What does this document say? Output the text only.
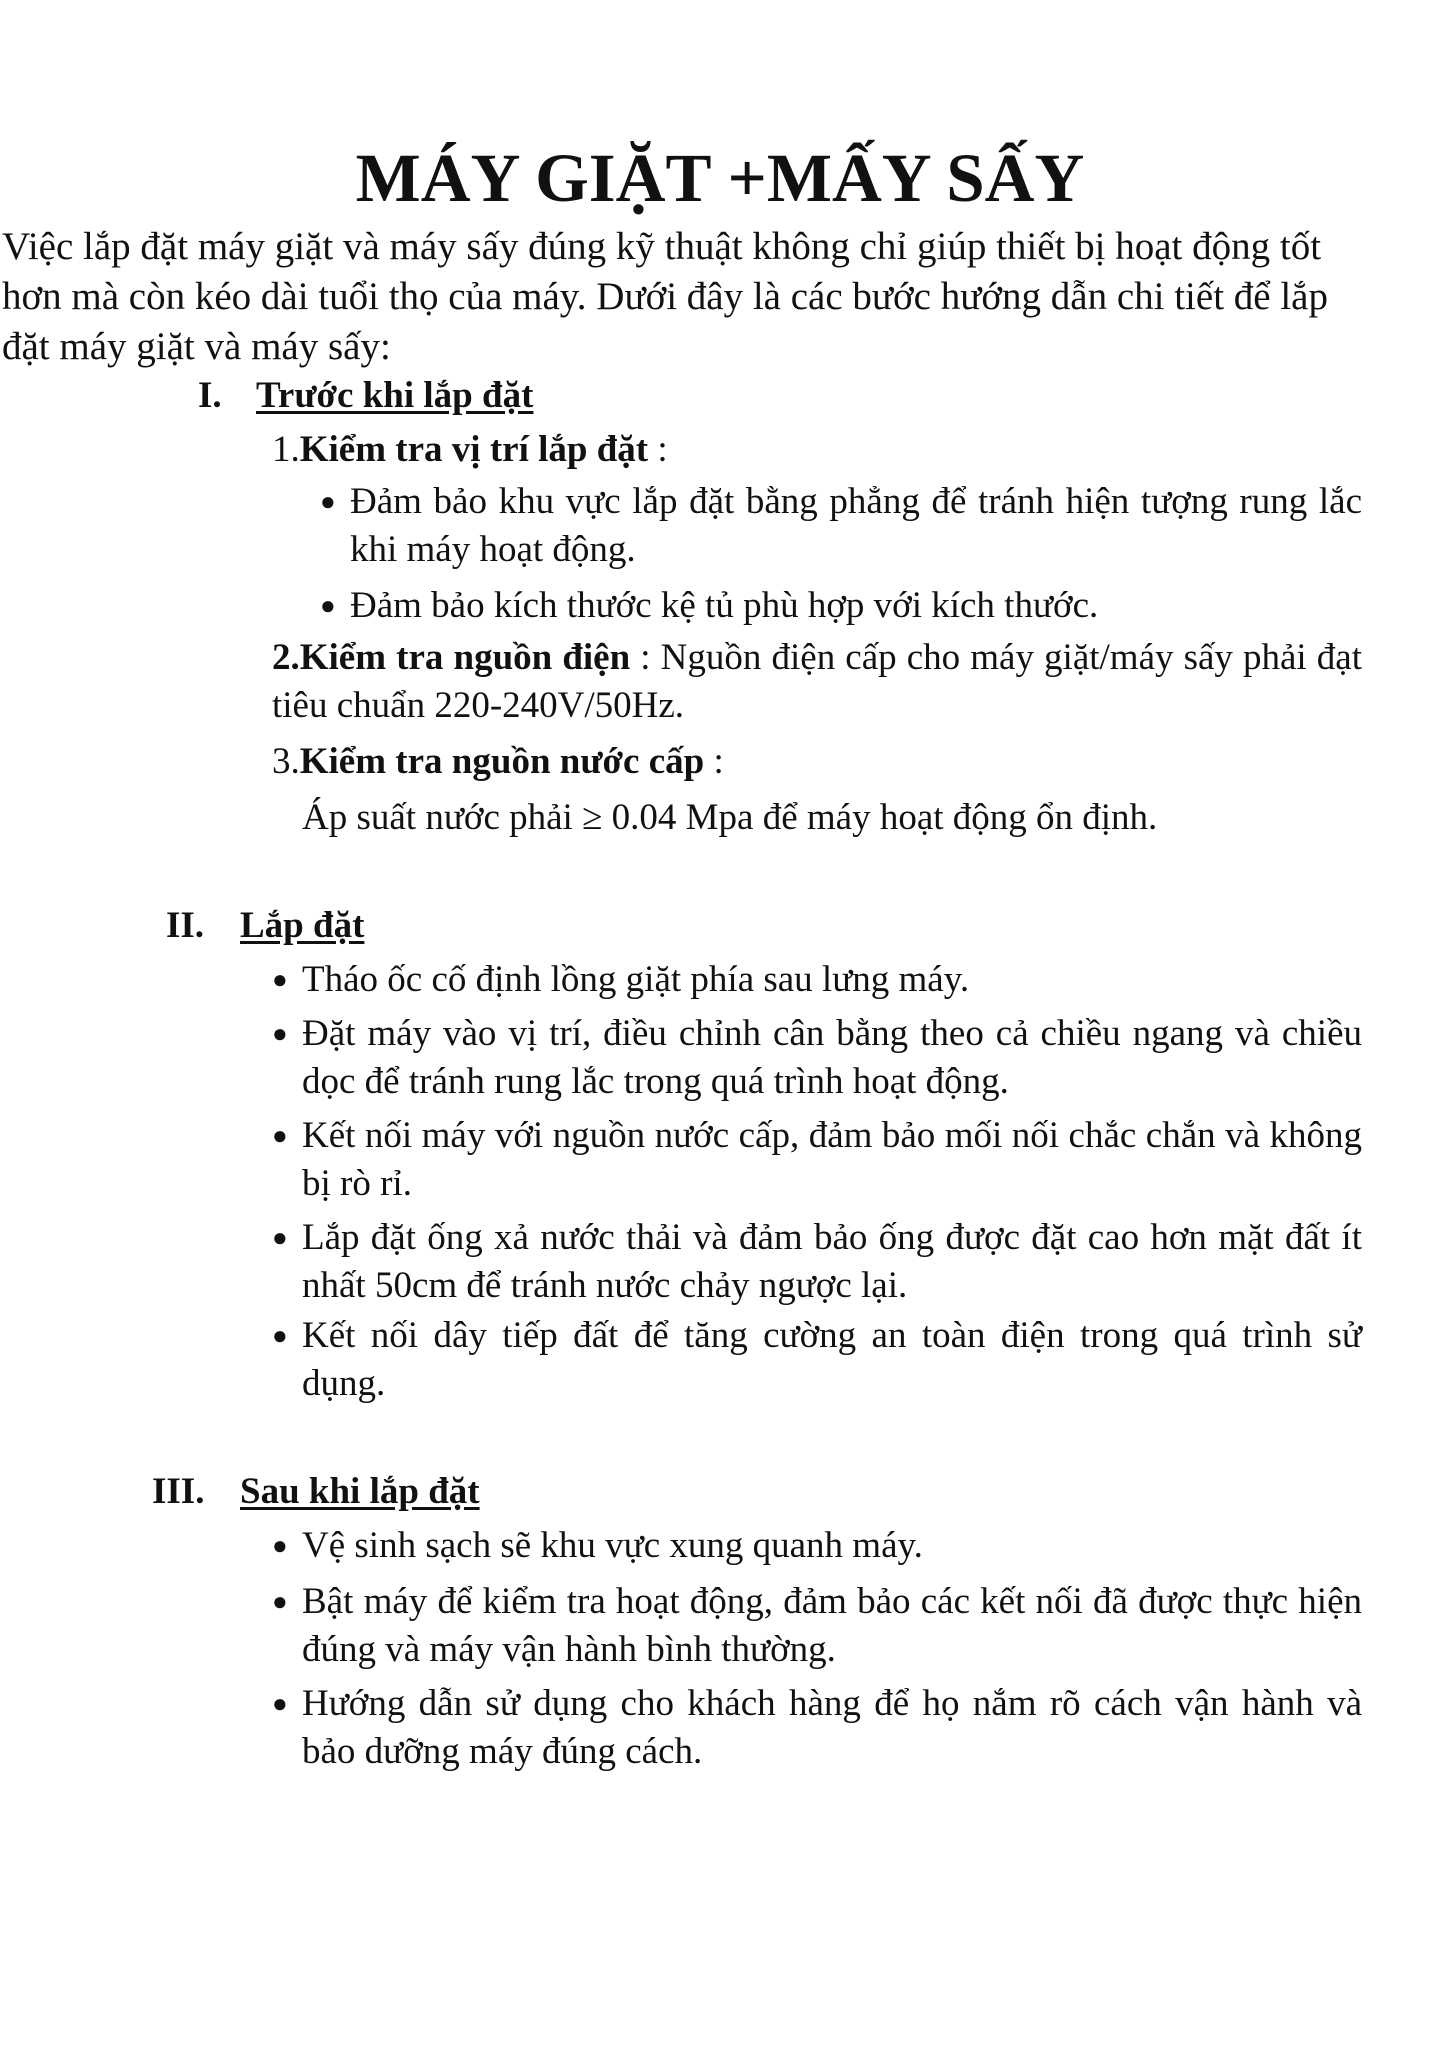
MÁY GIẶT +MẤY SẤY

Việc lắp đặt máy giặt và máy sấy đúng kỹ thuật không chỉ giúp thiết bị hoạt động tốt hơn mà còn kéo dài tuổi thọ của máy. Dưới đây là các bước hướng dẫn chi tiết để lắp đặt máy giặt và máy sấy:

I. Trước khi lắp đặt
1.Kiểm tra vị trí lắp đặt :
● Đảm bảo khu vực lắp đặt bằng phẳng để tránh hiện tượng rung lắc khi máy hoạt động.
● Đảm bảo kích thước kệ tủ phù hợp với kích thước.
2.Kiểm tra nguồn điện : Nguồn điện cấp cho máy giặt/máy sấy phải đạt tiêu chuẩn 220-240V/50Hz.
3.Kiểm tra nguồn nước cấp :
Áp suất nước phải ≥ 0.04 Mpa để máy hoạt động ổn định.
II. Lắp đặt
● Tháo ốc cố định lồng giặt phía sau lưng máy.
● Đặt máy vào vị trí, điều chỉnh cân bằng theo cả chiều ngang và chiều dọc để tránh rung lắc trong quá trình hoạt động.
● Kết nối máy với nguồn nước cấp, đảm bảo mối nối chắc chắn và không bị rò rỉ.
● Lắp đặt ống xả nước thải và đảm bảo ống được đặt cao hơn mặt đất ít nhất 50cm để tránh nước chảy ngược lại.
● Kết nối dây tiếp đất để tăng cường an toàn điện trong quá trình sử dụng.
III. Sau khi lắp đặt
● Vệ sinh sạch sẽ khu vực xung quanh máy.
● Bật máy để kiểm tra hoạt động, đảm bảo các kết nối đã được thực hiện đúng và máy vận hành bình thường.
● Hướng dẫn sử dụng cho khách hàng để họ nắm rõ cách vận hành và bảo dưỡng máy đúng cách.
